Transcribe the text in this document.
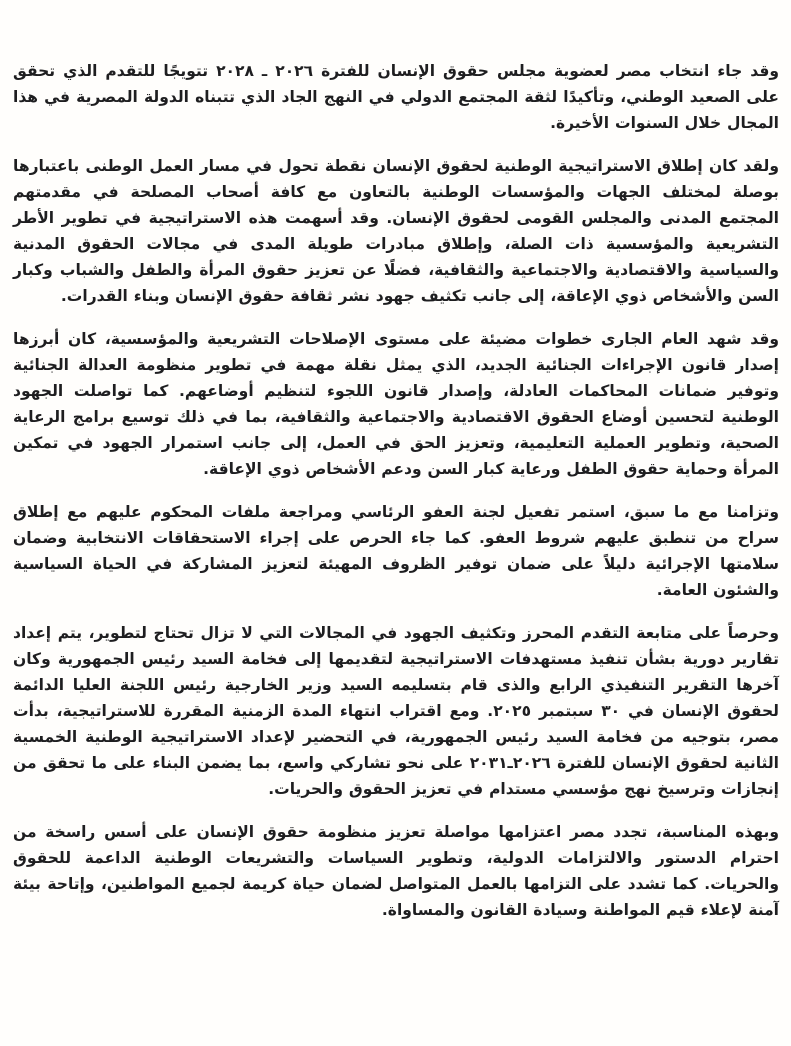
وقد جاء انتخاب مصر لعضوية مجلس حقوق الإنسان للفترة ٢٠٢٦ ـ ٢٠٢٨ تتويجًا للتقدم الذي تحقق على الصعيد الوطني، وتأكيدًا لثقة المجتمع الدولي في النهج الجاد الذي تتبناه الدولة المصرية في هذا المجال خلال السنوات الأخيرة.

ولقد كان إطلاق الاستراتيجية الوطنية لحقوق الإنسان نقطة تحول في مسار العمل الوطنى باعتبارها بوصلة لمختلف الجهات والمؤسسات الوطنية بالتعاون مع كافة أصحاب المصلحة في مقدمتهم المجتمع المدنى والمجلس القومى لحقوق الإنسان. وقد أسهمت هذه الاستراتيجية في تطوير الأطر التشريعية والمؤسسية ذات الصلة، وإطلاق مبادرات طويلة المدى في مجالات الحقوق المدنية والسياسية والاقتصادية والاجتماعية والثقافية، فضلًا عن تعزيز حقوق المرأة والطفل والشباب وكبار السن والأشخاص ذوي الإعاقة، إلى جانب تكثيف جهود نشر ثقافة حقوق الإنسان وبناء القدرات.

وقد شهد العام الجارى خطوات مضيئة على مستوى الإصلاحات التشريعية والمؤسسية، كان أبرزها إصدار قانون الإجراءات الجنائية الجديد، الذي يمثل نقلة مهمة في تطوير منظومة العدالة الجنائية وتوفير ضمانات المحاكمات العادلة، وإصدار قانون اللجوء لتنظيم أوضاعهم. كما تواصلت الجهود الوطنية لتحسين أوضاع الحقوق الاقتصادية والاجتماعية والثقافية، بما في ذلك توسيع برامج الرعاية الصحية، وتطوير العملية التعليمية، وتعزيز الحق في العمل، إلى جانب استمرار الجهود في تمكين المرأة وحماية حقوق الطفل ورعاية كبار السن ودعم الأشخاص ذوي الإعاقة.

وتزامنا مع ما سبق، استمر تفعيل لجنة العفو الرئاسي ومراجعة ملفات المحكوم عليهم مع إطلاق سراح من تنطبق عليهم شروط العفو. كما جاء الحرص على إجراء الاستحقاقات الانتخابية وضمان سلامتها الإجرائية دليلاً على ضمان توفير الظروف المهيئة لتعزيز المشاركة في الحياة السياسية والشئون العامة.

وحرصاً على متابعة التقدم المحرز وتكثيف الجهود في المجالات التي لا تزال تحتاج لتطوير، يتم إعداد تقارير دورية بشأن تنفيذ مستهدفات الاستراتيجية لتقديمها إلى فخامة السيد رئيس الجمهورية وكان آخرها التقرير التنفيذي الرابع والذى قام بتسليمه السيد وزير الخارجية رئيس اللجنة العليا الدائمة لحقوق الإنسان في ٣٠ سبتمبر ٢٠٢٥. ومع اقتراب انتهاء المدة الزمنية المقررة للاستراتيجية، بدأت مصر، بتوجيه من فخامة السيد رئيس الجمهورية، في التحضير لإعداد الاستراتيجية الوطنية الخمسية الثانية لحقوق الإنسان للفترة ٢٠٢٦ـ٢٠٣١ على نحو تشاركي واسع، بما يضمن البناء على ما تحقق من إنجازات وترسيخ نهج مؤسسي مستدام في تعزيز الحقوق والحريات.

وبهذه المناسبة، تجدد مصر اعتزامها مواصلة تعزيز منظومة حقوق الإنسان على أسس راسخة من احترام الدستور والالتزامات الدولية، وتطوير السياسات والتشريعات الوطنية الداعمة للحقوق والحريات. كما تشدد على التزامها بالعمل المتواصل لضمان حياة كريمة لجميع المواطنين، وإتاحة بيئة آمنة لإعلاء قيم المواطنة وسيادة القانون والمساواة.
